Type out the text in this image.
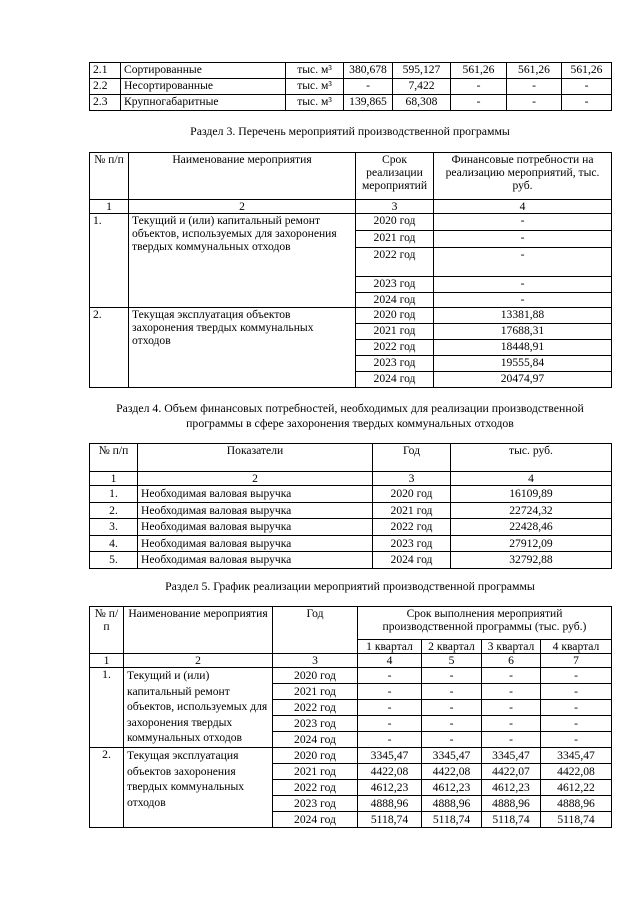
2.1	Сортированные	тыс. м³	380,678	595,127	561,26	561,26	561,26
2.2	Несортированные	тыс. м³	-	7,422	-	-	-
2.3	Крупногабаритные	тыс. м³	139,865	68,308	-	-	-
Раздел 3. Перечень мероприятий производственной программы
№ п/п	Наименование мероприятия	Срок реализации мероприятий	Финансовые потребности на реализацию мероприятий, тыс. руб.
1	2	3	4
1.	Текущий и (или) капитальный ремонт объектов, используемых для захоронения твердых коммунальных отходов	2020 год	-
		2021 год	-
		2022 год	-
		2023 год	-
		2024 год	-
2.	Текущая эксплуатация объектов захоронения твердых коммунальных отходов	2020 год	13381,88
		2021 год	17688,31
		2022 год	18448,91
		2023 год	19555,84
		2024 год	20474,97
Раздел 4. Объем финансовых потребностей, необходимых для реализации производственной программы в сфере захоронения твердых коммунальных отходов
№ п/п	Показатели	Год	тыс. руб.
1	2	3	4
1.	Необходимая валовая выручка	2020 год	16109,89
2.	Необходимая валовая выручка	2021 год	22724,32
3.	Необходимая валовая выручка	2022 год	22428,46
4.	Необходимая валовая выручка	2023 год	27912,09
5.	Необходимая валовая выручка	2024 год	32792,88
Раздел 5. График реализации мероприятий производственной программы
№ п/п	Наименование мероприятия	Год	Срок выполнения мероприятий производственной программы (тыс. руб.)			
			1 квартал	2 квартал	3 квартал	4 квартал
1	2	3	4	5	6	7
1.	Текущий и (или) капитальный ремонт объектов, используемых для захоронения твердых коммунальных отходов	2020 год	-	-	-	-
		2021 год	-	-	-	-
		2022 год	-	-	-	-
		2023 год	-	-	-	-
		2024 год	-	-	-	-
2.	Текущая эксплуатация объектов захоронения твердых коммунальных отходов	2020 год	3345,47	3345,47	3345,47	3345,47
		2021 год	4422,08	4422,08	4422,07	4422,08
		2022 год	4612,23	4612,23	4612,23	4612,22
		2023 год	4888,96	4888,96	4888,96	4888,96
		2024 год	5118,74	5118,74	5118,74	5118,74
